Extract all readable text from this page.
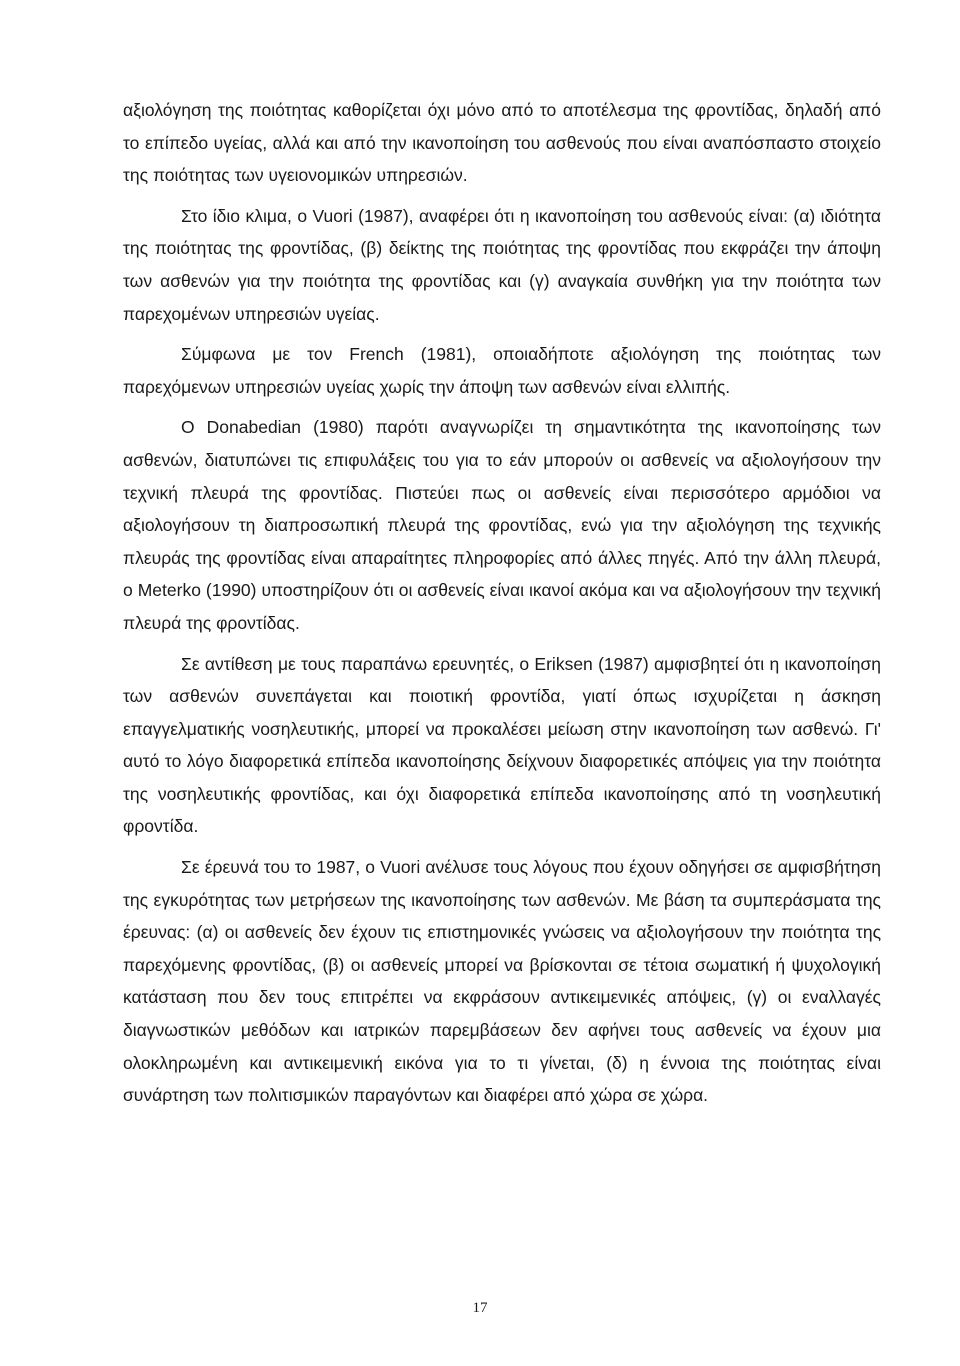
αξιολόγηση της ποιότητας καθορίζεται όχι μόνο από το αποτέλεσμα της φροντίδας, δηλαδή από το επίπεδο υγείας, αλλά και από την ικανοποίηση του ασθενούς που είναι αναπόσπαστο στοιχείο της ποιότητας των υγειονομικών υπηρεσιών.

Στο ίδιο κλιμα, ο Vuori (1987), αναφέρει ότι η ικανοποίηση του ασθενούς είναι: (α) ιδιότητα της ποιότητας της φροντίδας, (β) δείκτης της ποιότητας της φροντίδας που εκφράζει την άποψη των ασθενών για την ποιότητα της φροντίδας και (γ) αναγκαία συνθήκη για την ποιότητα των παρεχομένων υπηρεσιών υγείας.

Σύμφωνα με τον French (1981), οποιαδήποτε αξιολόγηση της ποιότητας των παρεχόμενων υπηρεσιών υγείας χωρίς την άποψη των ασθενών είναι ελλιπής.

Ο Donabedian (1980) παρότι αναγνωρίζει τη σημαντικότητα της ικανοποίησης των ασθενών, διατυπώνει τις επιφυλάξεις του για το εάν μπορούν οι ασθενείς να αξιολογήσουν την τεχνική πλευρά της φροντίδας. Πιστεύει πως οι ασθενείς είναι περισσότερο αρμόδιοι να αξιολογήσουν τη διαπροσωπική πλευρά της φροντίδας, ενώ για την αξιολόγηση της τεχνικής πλευράς της φροντίδας είναι απαραίτητες πληροφορίες από άλλες πηγές. Από την άλλη πλευρά, ο Meterko (1990) υποστηρίζουν ότι οι ασθενείς είναι ικανοί ακόμα και να αξιολογήσουν την τεχνική πλευρά της φροντίδας.

Σε αντίθεση με τους παραπάνω ερευνητές, ο Eriksen (1987) αμφισβητεί ότι η ικανοποίηση των ασθενών συνεπάγεται και ποιοτική φροντίδα, γιατί όπως ισχυρίζεται η άσκηση επαγγελματικής νοσηλευτικής, μπορεί να προκαλέσει μείωση στην ικανοποίηση των ασθενώ. Γι' αυτό το λόγο διαφορετικά επίπεδα ικανοποίησης δείχνουν διαφορετικές απόψεις για την ποιότητα της νοσηλευτικής φροντίδας, και όχι διαφορετικά επίπεδα ικανοποίησης από τη νοσηλευτική φροντίδα.

Σε έρευνά του το 1987, ο Vuori ανέλυσε τους λόγους που έχουν οδηγήσει σε αμφισβήτηση της εγκυρότητας των μετρήσεων της ικανοποίησης των ασθενών. Με βάση τα συμπεράσματα της έρευνας: (α) οι ασθενείς δεν έχουν τις επιστημονικές γνώσεις να αξιολογήσουν την ποιότητα της παρεχόμενης φροντίδας, (β) οι ασθενείς μπορεί να βρίσκονται σε τέτοια σωματική ή ψυχολογική κατάσταση που δεν τους επιτρέπει να εκφράσουν αντικειμενικές απόψεις, (γ) οι εναλλαγές διαγνωστικών μεθόδων και ιατρικών παρεμβάσεων δεν αφήνει τους ασθενείς να έχουν μια ολοκληρωμένη και αντικειμενική εικόνα για το τι γίνεται, (δ) η έννοια της ποιότητας είναι συνάρτηση των πολιτισμικών παραγόντων και διαφέρει από χώρα σε χώρα.

17
